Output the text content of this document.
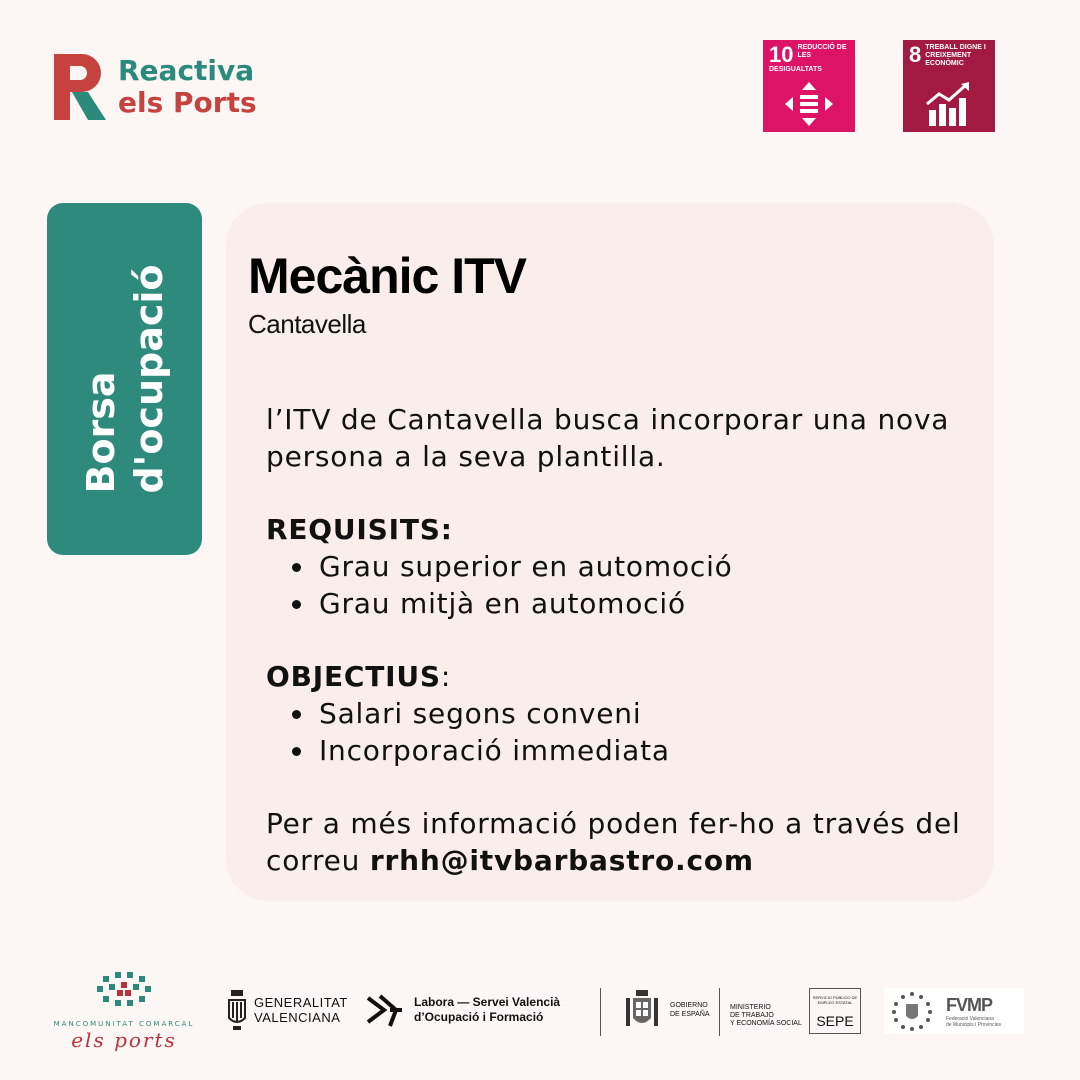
Reactiva
els Ports
10 REDUCCIÓ DE LES DESIGUALTATS
8 TREBALL DIGNE I CREIXEMENT ECONÒMIC
Borsa d'ocupació Mecànic ITV
Cantavella
l’ITV de Cantavella busca incorporar una nova persona a la seva plantilla.
REQUISITS:
Grau superior en automoció
Grau mitjà en automoció
OBJECTIUS:
Salari segons conveni
Incorporació immediata
Per a més informació poden fer-ho a través del correu rrhh@itvbarbastro.com
MANCOMUNITAT COMARCAL
els ports
GENERALITAT
VALENCIANA
Labora — Servei Valencià
d’Ocupació i Formació
GOBIERNO
DE ESPAÑA
MINISTERIO
DE TRABAJO
Y ECONOMÍA SOCIAL
SERVICIO PÚBLICO DE EMPLEO ESTATAL
SEPE
FVMP
Federació Valenciana
de Municipis i Províncies
